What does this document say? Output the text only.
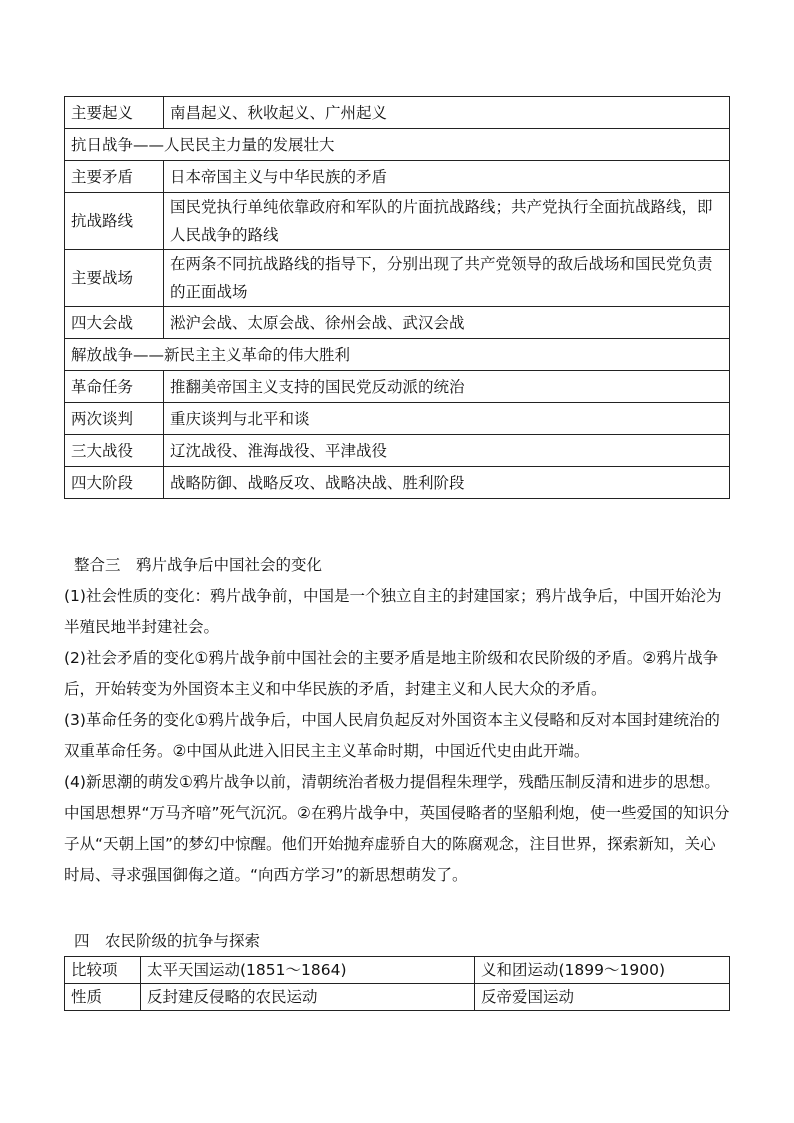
主要起义	南昌起义、秋收起义、广州起义
抗日战争——人民民主力量的发展壮大	
主要矛盾	日本帝国主义与中华民族的矛盾
抗战路线	国民党执行单纯依靠政府和军队的片面抗战路线；共产党执行全面抗战路线，即人民战争的路线
主要战场	在两条不同抗战路线的指导下，分别出现了共产党领导的敌后战场和国民党负责的正面战场
四大会战	淞沪会战、太原会战、徐州会战、武汉会战
解放战争——新民主主义革命的伟大胜利	
革命任务	推翻美帝国主义支持的国民党反动派的统治
两次谈判	重庆谈判与北平和谈
三大战役	辽沈战役、淮海战役、平津战役
四大阶段	战略防御、战略反攻、战略决战、胜利阶段
整合三　鸦片战争后中国社会的变化

(1)社会性质的变化：鸦片战争前，中国是一个独立自主的封建国家；鸦片战争后，中国开始沦为半殖民地半封建社会。

(2)社会矛盾的变化①鸦片战争前中国社会的主要矛盾是地主阶级和农民阶级的矛盾。②鸦片战争后，开始转变为外国资本主义和中华民族的矛盾，封建主义和人民大众的矛盾。

(3)革命任务的变化①鸦片战争后，中国人民肩负起反对外国资本主义侵略和反对本国封建统治的双重革命任务。②中国从此进入旧民主主义革命时期，中国近代史由此开端。

(4)新思潮的萌发①鸦片战争以前，清朝统治者极力提倡程朱理学，残酷压制反清和进步的思想。中国思想界“万马齐喑”死气沉沉。②在鸦片战争中，英国侵略者的坚船利炮，使一些爱国的知识分子从“天朝上国”的梦幻中惊醒。他们开始抛弃虚骄自大的陈腐观念，注目世界，探索新知，关心时局、寻求强国御侮之道。“向西方学习”的新思想萌发了。

四　农民阶级的抗争与探索
比较项	太平天国运动(1851～1864)	义和团运动(1899～1900)
性质	反封建反侵略的农民运动	反帝爱国运动
